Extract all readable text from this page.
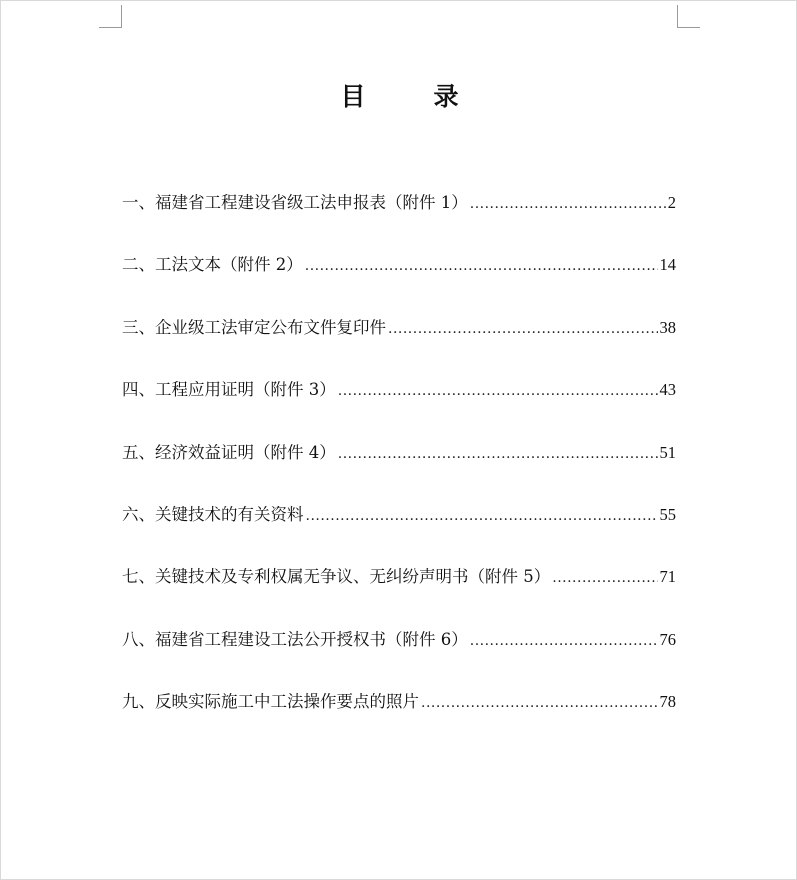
目	录
一、福建省工程建设省级工法申报表（附件 1） .....	2
二、工法文本（附件 2） .....	14
三、企业级工法审定公布文件复印件 .....	38
四、工程应用证明（附件 3） .....	43
五、经济效益证明（附件 4） .....	51
六、关键技术的有关资料 .....	55
七、关键技术及专利权属无争议、无纠纷声明书（附件 5） .....	71
八、福建省工程建设工法公开授权书（附件 6） .....	76
九、反映实际施工中工法操作要点的照片 .....	78
